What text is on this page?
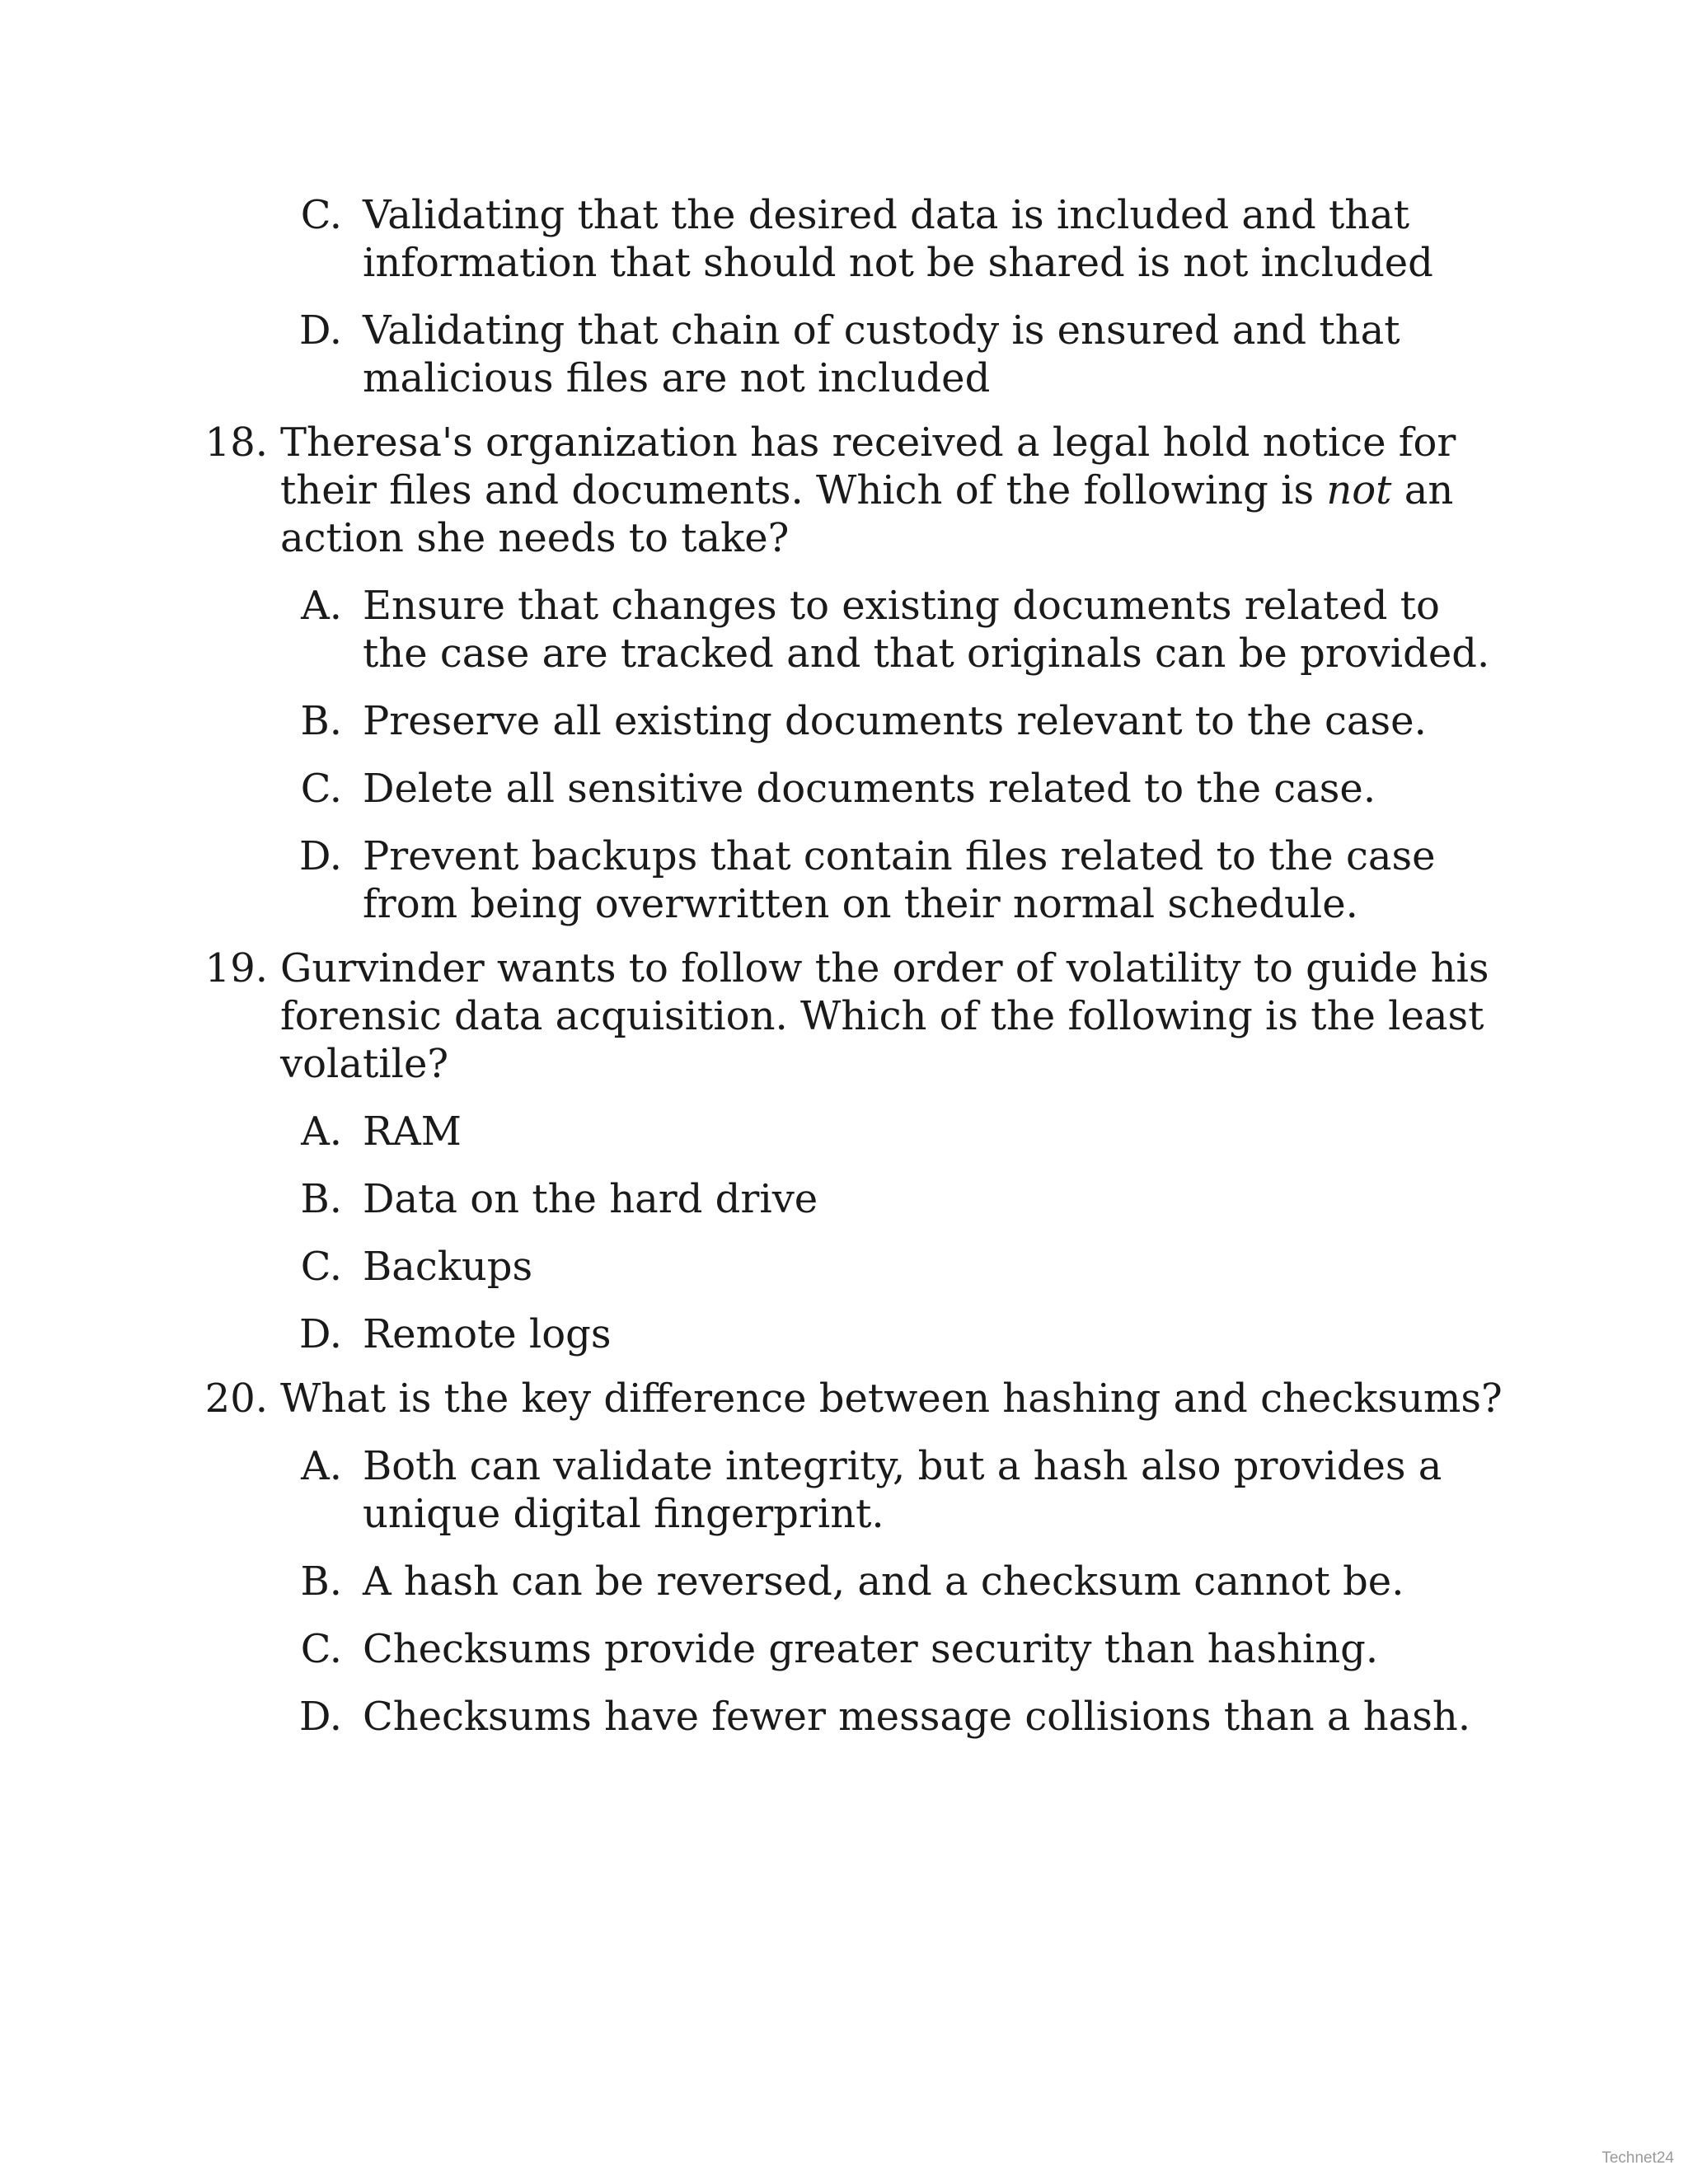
C. Validating that the desired data is included and that information that should not be shared is not included
D. Validating that chain of custody is ensured and that malicious files are not included
18. Theresa's organization has received a legal hold notice for their files and documents. Which of the following is not an action she needs to take?

A. Ensure that changes to existing documents related to the case are tracked and that originals can be provided.
B. Preserve all existing documents relevant to the case.
C. Delete all sensitive documents related to the case.
D. Prevent backups that contain files related to the case from being overwritten on their normal schedule.
19. Gurvinder wants to follow the order of volatility to guide his forensic data acquisition. Which of the following is the least volatile?

A. RAM
B. Data on the hard drive
C. Backups
D. Remote logs
20. What is the key difference between hashing and checksums?

A. Both can validate integrity, but a hash also provides a unique digital fingerprint.
B. A hash can be reversed, and a checksum cannot be.
C. Checksums provide greater security than hashing.
D. Checksums have fewer message collisions than a hash.
Technet24
